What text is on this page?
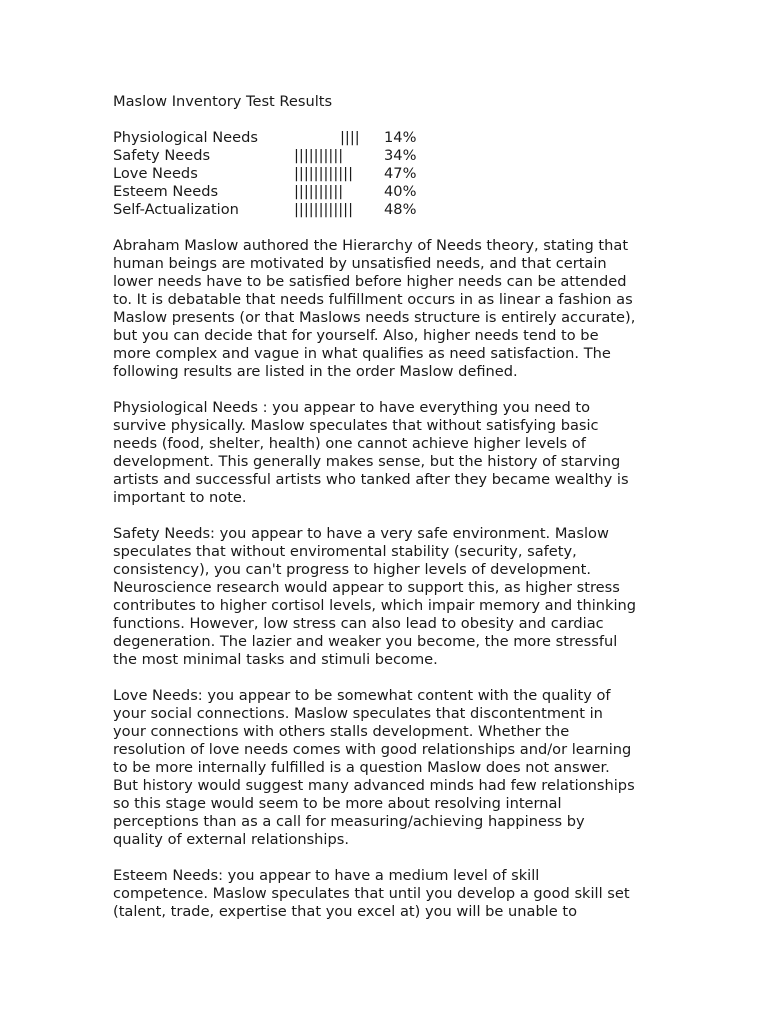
Maslow Inventory Test Results
Physiological Needs	|||| 14%
Safety Needs	||||||||||	34%
Love Needs	|||||||||||| 47%
Esteem Needs	||||||||||	40%
Self-Actualization	|||||||||||| 48%
Abraham Maslow authored the Hierarchy of Needs theory, stating that
human beings are motivated by unsatisfied needs, and that certain
lower needs have to be satisfied before higher needs can be attended
to. It is debatable that needs fulfillment occurs in as linear a fashion as
Maslow presents (or that Maslows needs structure is entirely accurate),
but you can decide that for yourself. Also, higher needs tend to be
more complex and vague in what qualifies as need satisfaction. The
following results are listed in the order Maslow defined.
Physiological Needs : you appear to have everything you need to
survive physically. Maslow speculates that without satisfying basic
needs (food, shelter, health) one cannot achieve higher levels of
development. This generally makes sense, but the history of starving
artists and successful artists who tanked after they became wealthy is
important to note.
Safety Needs: you appear to have a very safe environment. Maslow
speculates that without enviromental stability (security, safety,
consistency), you can't progress to higher levels of development.
Neuroscience research would appear to support this, as higher stress
contributes to higher cortisol levels, which impair memory and thinking
functions. However, low stress can also lead to obesity and cardiac
degeneration. The lazier and weaker you become, the more stressful
the most minimal tasks and stimuli become.
Love Needs: you appear to be somewhat content with the quality of
your social connections. Maslow speculates that discontentment in
your connections with others stalls development. Whether the
resolution of love needs comes with good relationships and/or learning
to be more internally fulfilled is a question Maslow does not answer.
But history would suggest many advanced minds had few relationships
so this stage would seem to be more about resolving internal
perceptions than as a call for measuring/achieving happiness by
quality of external relationships.
Esteem Needs: you appear to have a medium level of skill
competence. Maslow speculates that until you develop a good skill set
(talent, trade, expertise that you excel at) you will be unable to
